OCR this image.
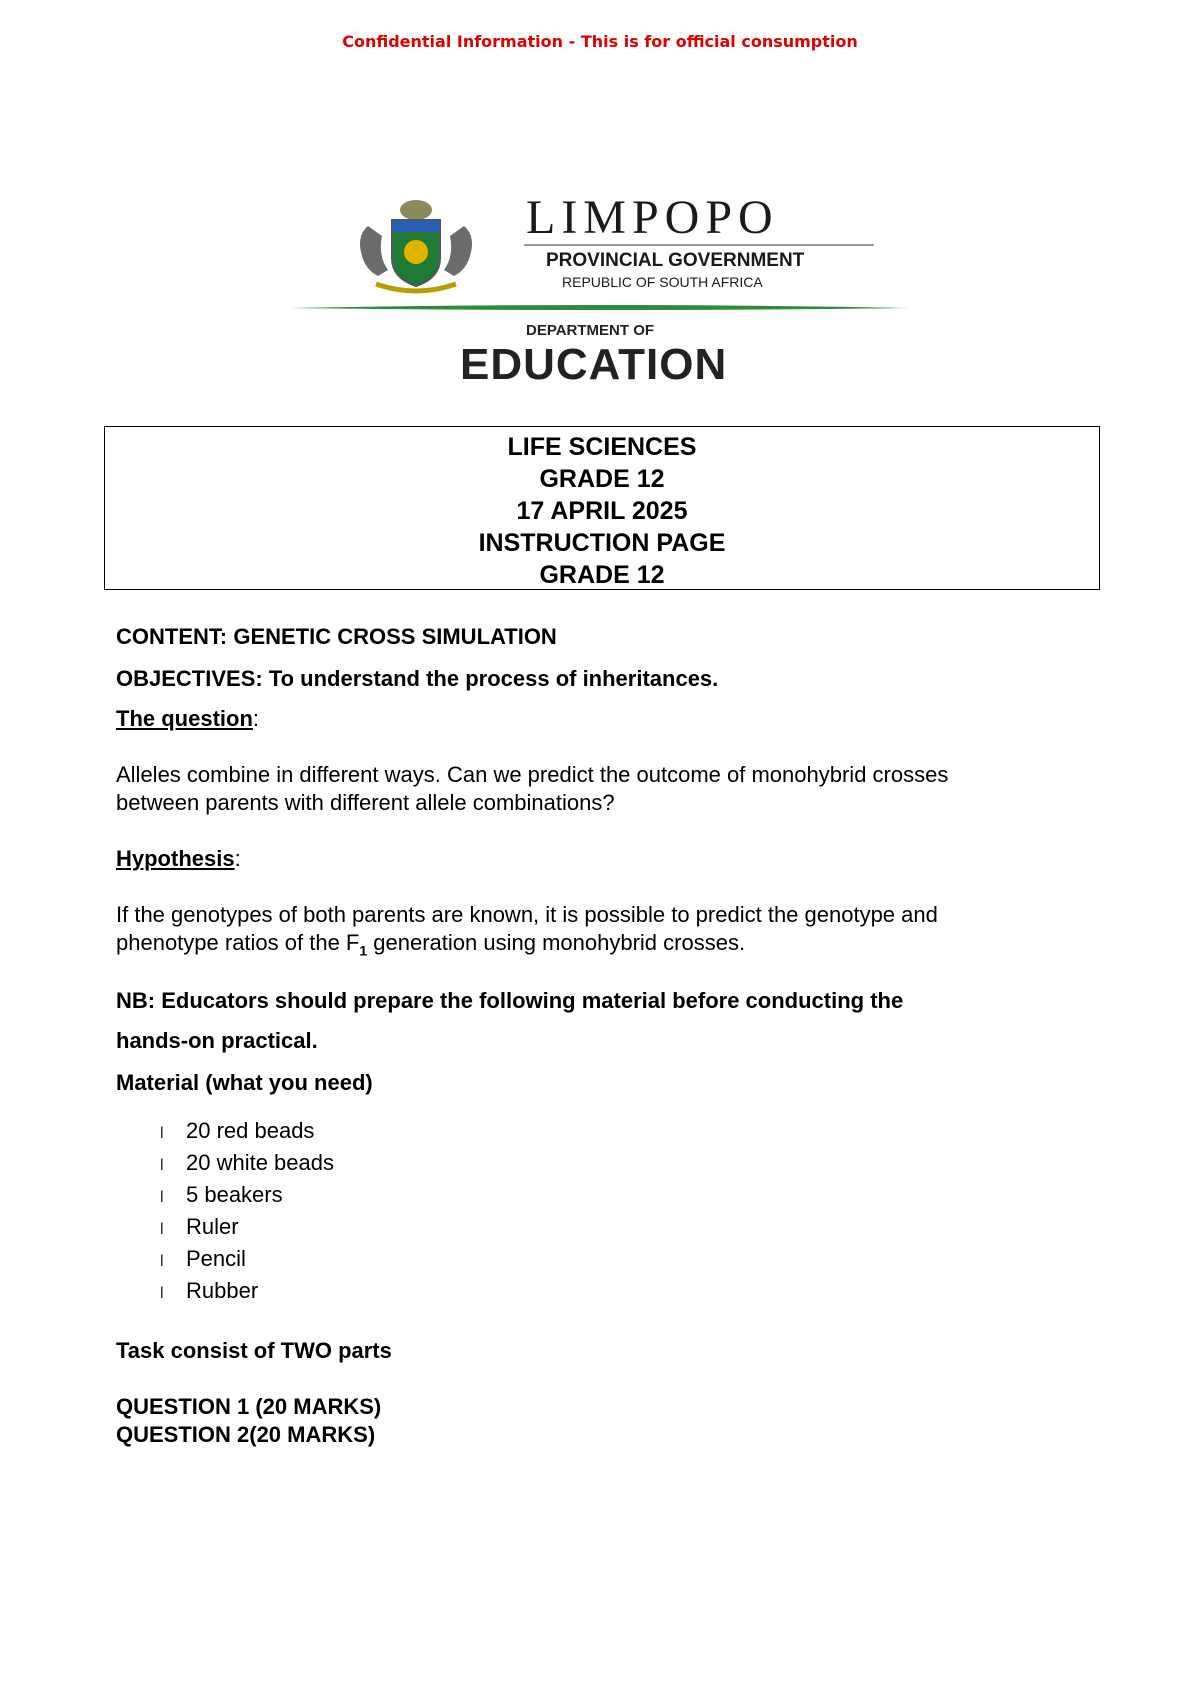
Confidential Information - This is for official consumption
LIMPOPO
PROVINCIAL GOVERNMENT
REPUBLIC OF SOUTH AFRICA
DEPARTMENT OF
EDUCATION
LIFE SCIENCES
GRADE 12
17 APRIL 2025
INSTRUCTION PAGE
GRADE 12
CONTENT: GENETIC CROSS SIMULATION
OBJECTIVES: To understand the process of inheritances.
The question:
Alleles combine in different ways. Can we predict the outcome of monohybrid crosses
between parents with different allele combinations?
Hypothesis:
If the genotypes of both parents are known, it is possible to predict the genotype and
phenotype ratios of the $F_1$ generation using monohybrid crosses.
NB: Educators should prepare the following material before conducting the
hands-on practical.
Material (what you need)
l 20 red beads
l 20 white beads
l 5 beakers
l Ruler
l Pencil
l Rubber
Task consist of TWO parts
QUESTION 1 (20 MARKS)
QUESTION 2(20 MARKS)
